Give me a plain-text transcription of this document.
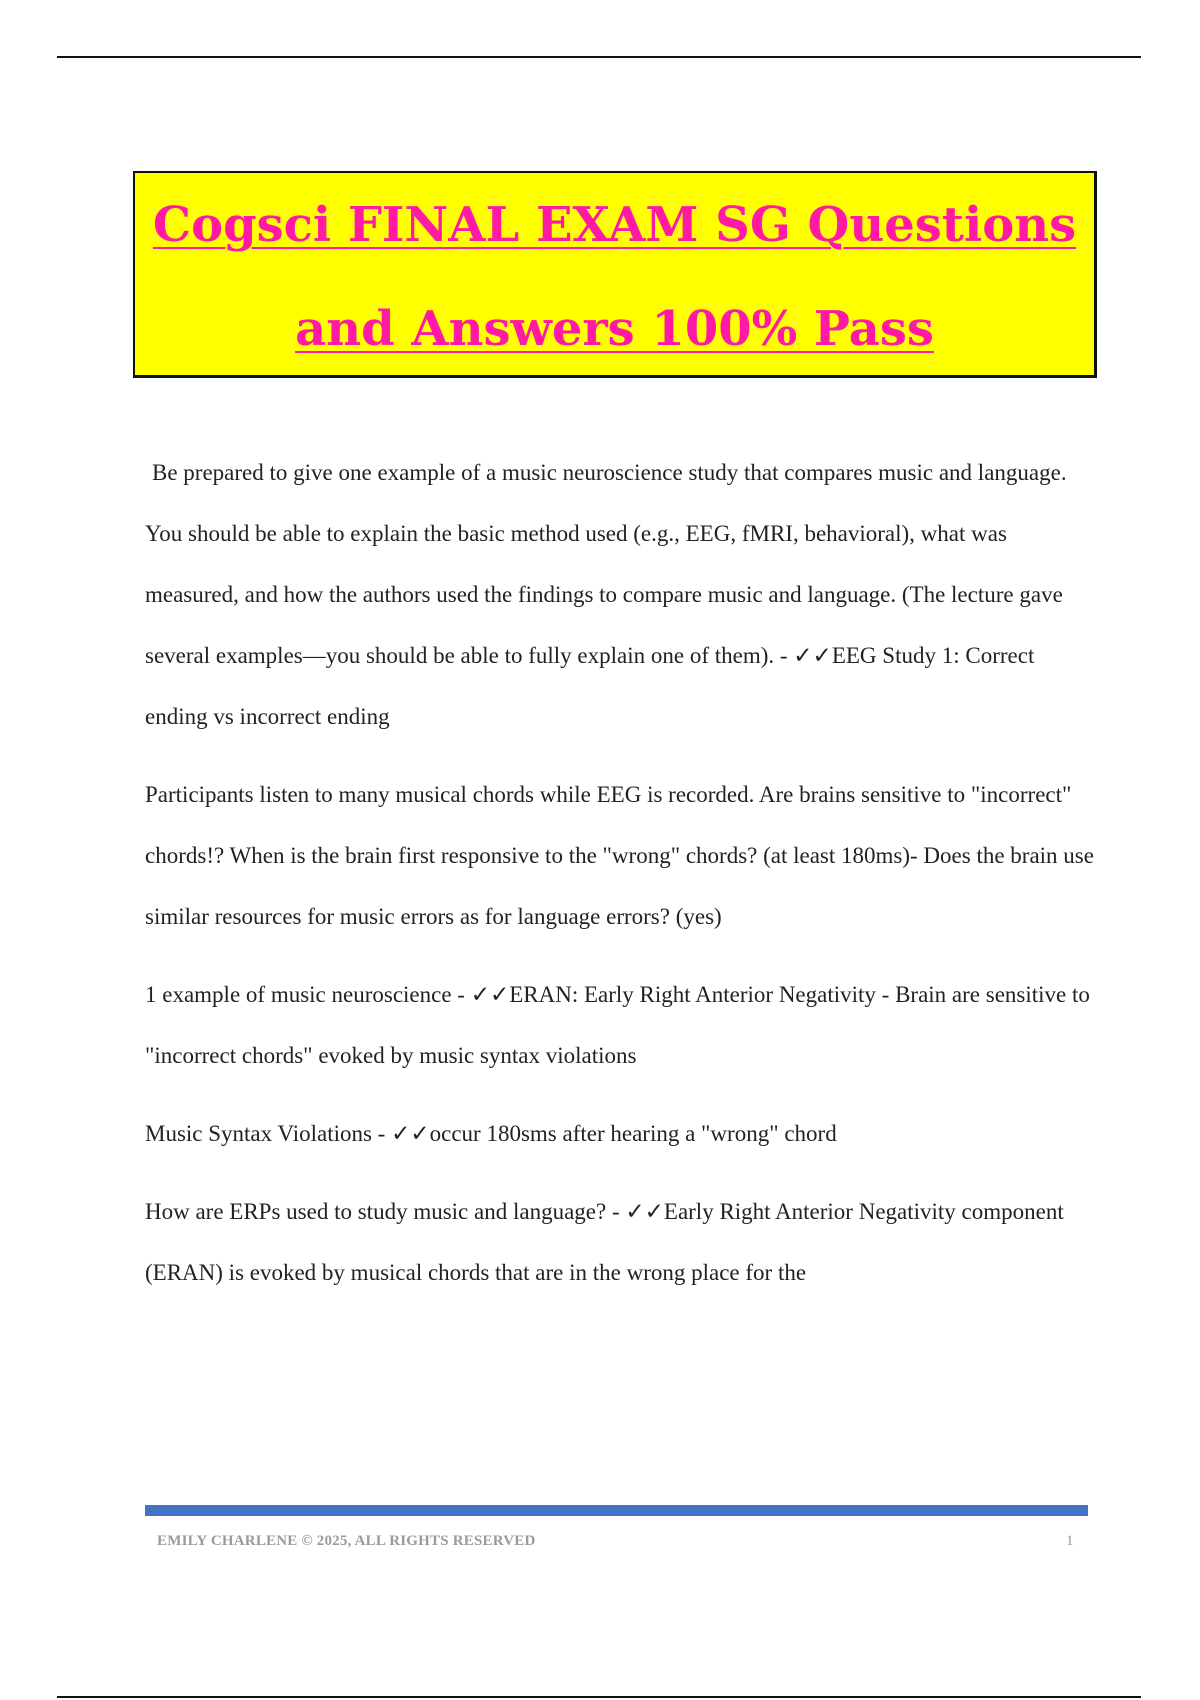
Cogsci FINAL EXAM SG Questions
and Answers 100% Pass

Be prepared to give one example of a music neuroscience study that compares music and language. You should be able to explain the basic method used (e.g., EEG, fMRI, behavioral), what was measured, and how the authors used the findings to compare music and language. (The lecture gave several examples—you should be able to fully explain one of them). - ✓✓EEG Study 1: Correct ending vs incorrect ending

Participants listen to many musical chords while EEG is recorded. Are brains sensitive to "incorrect" chords!? When is the brain first responsive to the "wrong" chords? (at least 180ms)- Does the brain use similar resources for music errors as for language errors? (yes)

1 example of music neuroscience - ✓✓ERAN: Early Right Anterior Negativity - Brain are sensitive to "incorrect chords" evoked by music syntax violations

Music Syntax Violations - ✓✓occur 180sms after hearing a "wrong" chord

How are ERPs used to study music and language? - ✓✓Early Right Anterior Negativity component (ERAN) is evoked by musical chords that are in the wrong place for the

EMILY CHARLENE © 2025, ALL RIGHTS RESERVED	1
